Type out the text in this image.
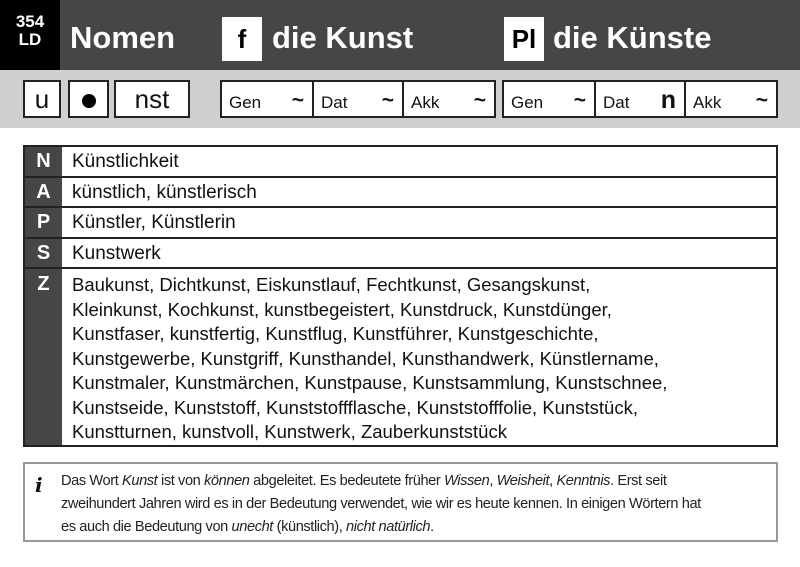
354
LD Nomen	f die Kunst	Pl die Künste
u	nst	Gen ~ Dat ~ Akk ~ Gen ~ Dat n Akk ~
N	Künstlichkeit
A	künstlich, künstlerisch
P	Künstler, Künstlerin
S	Kunstwerk
Z	Baukunst, Dichtkunst, Eiskunstlauf, Fechtkunst, Gesangskunst,
Kleinkunst, Kochkunst, kunstbegeistert, Kunstdruck, Kunstdünger,
Kunstfaser, kunstfertig, Kunstflug, Kunstführer, Kunstgeschichte,
Kunstgewerbe, Kunstgriff, Kunsthandel, Kunsthandwerk, Künstlername,
Kunstmaler, Kunstmärchen, Kunstpause, Kunstsammlung, Kunstschnee,
Kunstseide, Kunststoff, Kunststoffflasche, Kunststofffolie, Kunststück,
Kunstturnen, kunstvoll, Kunstwerk, Zauberkunststück
i Das Wort Kunst ist von können abgeleitet. Es bedeutete früher Wissen, Weisheit, Kenntnis. Erst seit
zweihundert Jahren wird es in der Bedeutung verwendet, wie wir es heute kennen. In einigen Wörtern hat
es auch die Bedeutung von unecht (künstlich), nicht natürlich.
